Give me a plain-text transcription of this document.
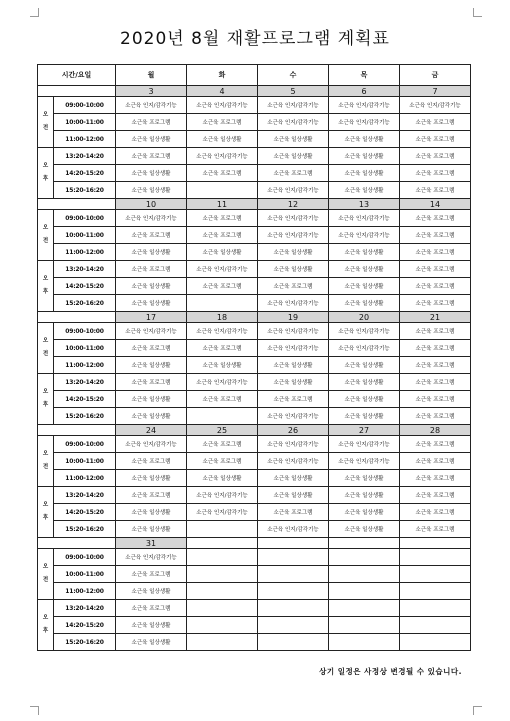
2020년 8월 재활프로그램 계획표
시간/요일		월	화	수	목	금
		3	4	5	6	7

오
전	09:00-10:00	소근육 인지/감각기능	소근육 인지/감각기능	소근육 인지/감각기능	소근육 인지/감각기능	소근육 인지/감각기능
	10:00-11:00	소근육 프로그램	소근육 프로그램	소근육 인지/감각기능	소근육 인지/감각기능	소근육 프로그램
	11:00-12:00	소근육 일상생활	소근육 일상생활	소근육 일상생활	소근육 일상생활	소근육 프로그램

오
후	13:20-14:20	소근육 프로그램	소근육 인지/감각기능	소근육 일상생활	소근육 일상생활	소근육 프로그램
	14:20-15:20	소근육 일상생활	소근육 프로그램	소근육 프로그램	소근육 일상생활	소근육 프로그램
	15:20-16:20	소근육 일상생활		소근육 인지/감각기능	소근육 일상생활	소근육 프로그램
		10	11	12	13	14

오
전	09:00-10:00	소근육 인지/감각기능	소근육 프로그램	소근육 인지/감각기능	소근육 인지/감각기능	소근육 프로그램
	10:00-11:00	소근육 프로그램	소근육 프로그램	소근육 인지/감각기능	소근육 인지/감각기능	소근육 프로그램
	11:00-12:00	소근육 일상생활	소근육 일상생활	소근육 일상생활	소근육 일상생활	소근육 프로그램

오
후	13:20-14:20	소근육 프로그램	소근육 인지/감각기능	소근육 일상생활	소근육 일상생활	소근육 프로그램
	14:20-15:20	소근육 일상생활	소근육 프로그램	소근육 프로그램	소근육 일상생활	소근육 프로그램
	15:20-16:20	소근육 일상생활		소근육 인지/감각기능	소근육 일상생활	소근육 프로그램
		17	18	19	20	21

오
전	09:00-10:00	소근육 인지/감각기능	소근육 인지/감각기능	소근육 인지/감각기능	소근육 인지/감각기능	소근육 프로그램
	10:00-11:00	소근육 프로그램	소근육 프로그램	소근육 인지/감각기능	소근육 인지/감각기능	소근육 프로그램
	11:00-12:00	소근육 일상생활	소근육 일상생활	소근육 일상생활	소근육 일상생활	소근육 프로그램

오
후	13:20-14:20	소근육 프로그램	소근육 인지/감각기능	소근육 일상생활	소근육 일상생활	소근육 프로그램
	14:20-15:20	소근육 일상생활	소근육 프로그램	소근육 프로그램	소근육 일상생활	소근육 프로그램
	15:20-16:20	소근육 일상생활		소근육 인지/감각기능	소근육 일상생활	소근육 프로그램
		24	25	26	27	28

오
전	09:00-10:00	소근육 인지/감각기능	소근육 프로그램	소근육 인지/감각기능	소근육 인지/감각기능	소근육 프로그램
	10:00-11:00	소근육 프로그램	소근육 프로그램	소근육 인지/감각기능	소근육 인지/감각기능	소근육 프로그램
	11:00-12:00	소근육 일상생활	소근육 일상생활	소근육 일상생활	소근육 일상생활	소근육 프로그램

오
후	13:20-14:20	소근육 프로그램	소근육 인지/감각기능	소근육 일상생활	소근육 일상생활	소근육 프로그램
	14:20-15:20	소근육 일상생활	소근육 인지/감각기능	소근육 프로그램	소근육 일상생활	소근육 프로그램
	15:20-16:20	소근육 일상생활		소근육 인지/감각기능	소근육 일상생활	소근육 프로그램
		31				

오
전	09:00-10:00	소근육 인지/감각기능				
	10:00-11:00	소근육 프로그램				
	11:00-12:00	소근육 일상생활				

오
후	13:20-14:20	소근육 프로그램				
	14:20-15:20	소근육 일상생활				
	15:20-16:20	소근육 일상생활				
상기 일정은 사정상 변경될 수 있습니다.
